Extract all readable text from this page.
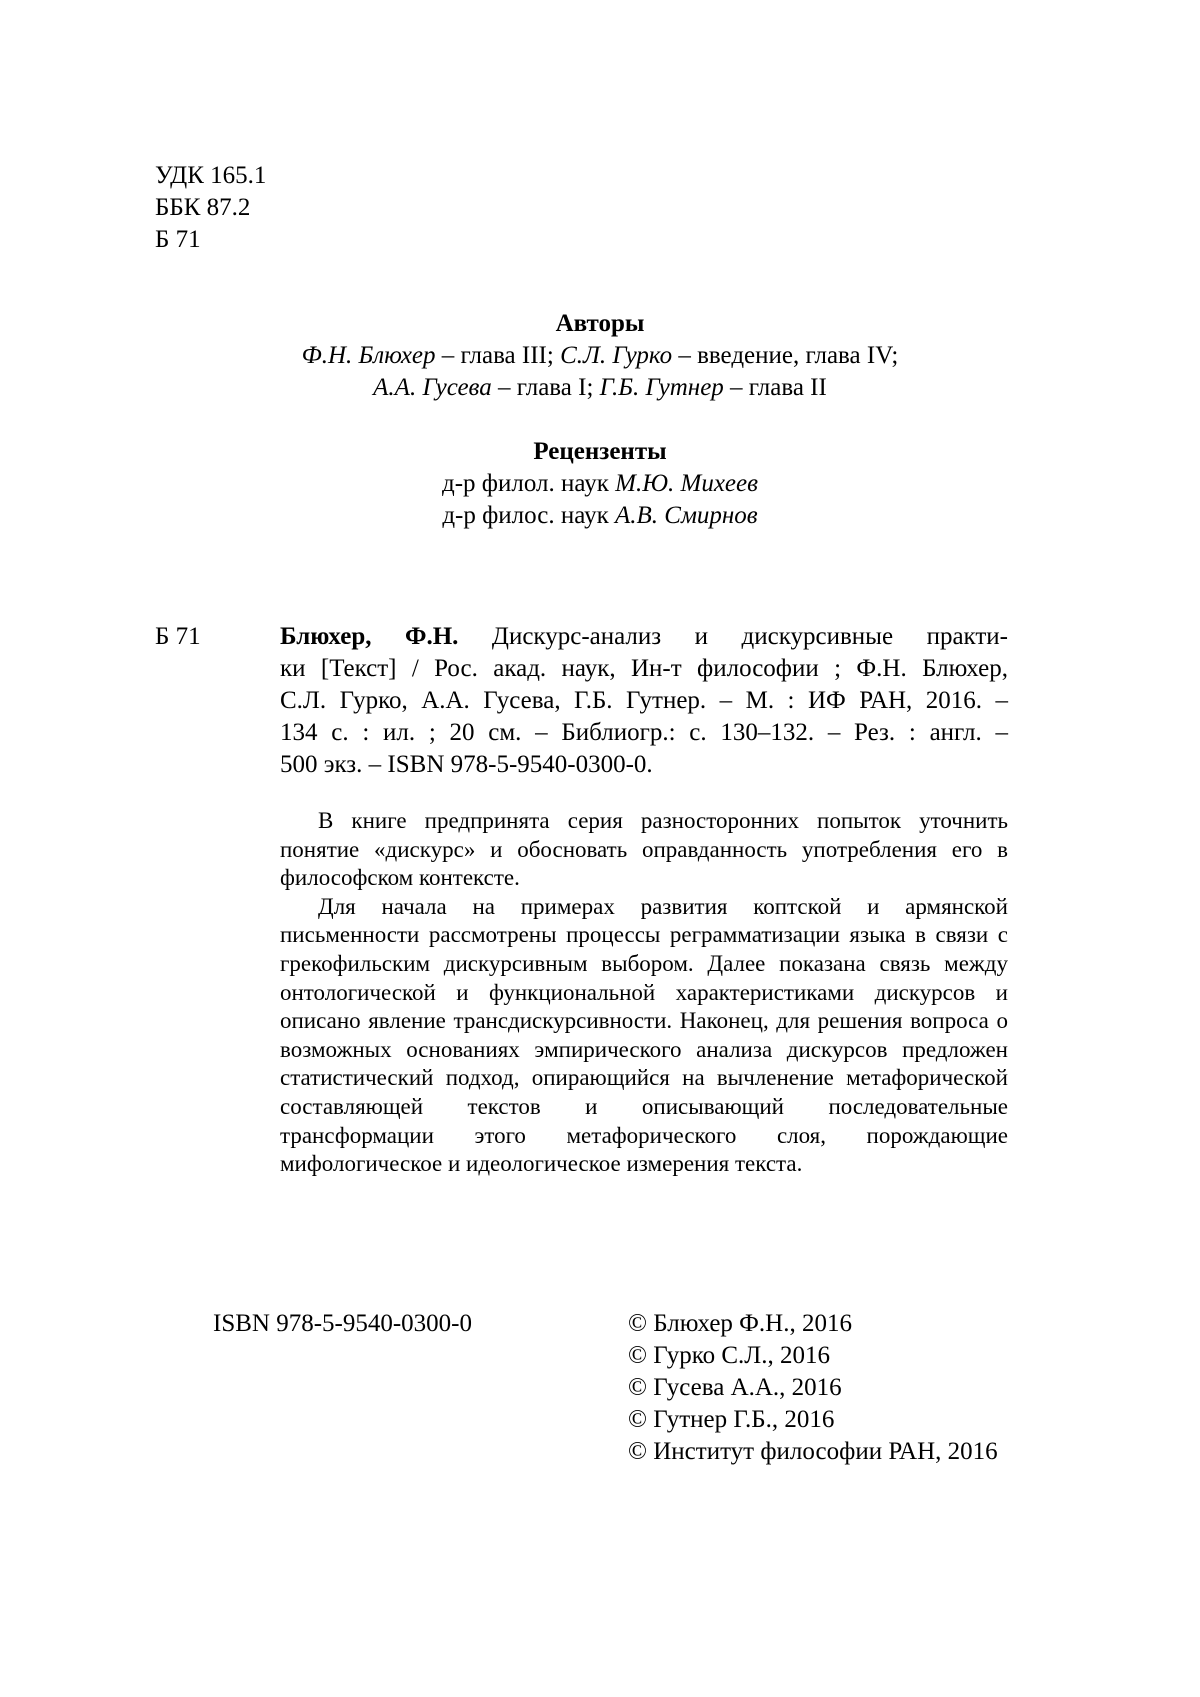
УДК 165.1
ББК 87.2
Б 71
Авторы
Ф.Н. Блюхер – глава III; С.Л. Гурко – введение, глава IV;
А.А. Гусева – глава I; Г.Б. Гутнер – глава II
Рецензенты
д-р филол. наук М.Ю. Михеев
д-р филос. наук А.В. Смирнов
Б 71	Блюхер, Ф.Н. Дискурс-анализ и дискурсивные практи-
ки [Текст] / Рос. акад. наук, Ин-т философии ; Ф.Н. Блюхер,
С.Л. Гурко, А.А. Гусева, Г.Б. Гутнер. – М. : ИФ РАН, 2016. –
134 с. : ил. ; 20 см. – Библиогр.: с. 130–132. – Рез. : англ. –
500 экз. – ISBN 978-5-9540-0300-0.

В книге предпринята серия разносторонних попыток уточнить понятие «дискурс» и обосновать оправданность употребления его в философском контексте.

Для начала на примерах развития коптской и армянской письменности рассмотрены процессы реграмматизации языка в связи с грекофильским дискурсивным выбором. Далее показана связь между онтологической и функциональной характеристиками дискурсов и описано явление трансдискурсивности. Наконец, для решения вопроса о возможных основаниях эмпирического анализа дискурсов предложен статистический подход, опирающийся на вычленение метафорической составляющей текстов и описывающий последовательные трансформации этого метафорического слоя, порождающие мифологическое и идеологическое измерения текста.

ISBN 978-5-9540-0300-0	© Блюхер Ф.Н., 2016
© Гурко С.Л., 2016
© Гусева А.А., 2016
© Гутнер Г.Б., 2016
© Институт философии РАН, 2016
